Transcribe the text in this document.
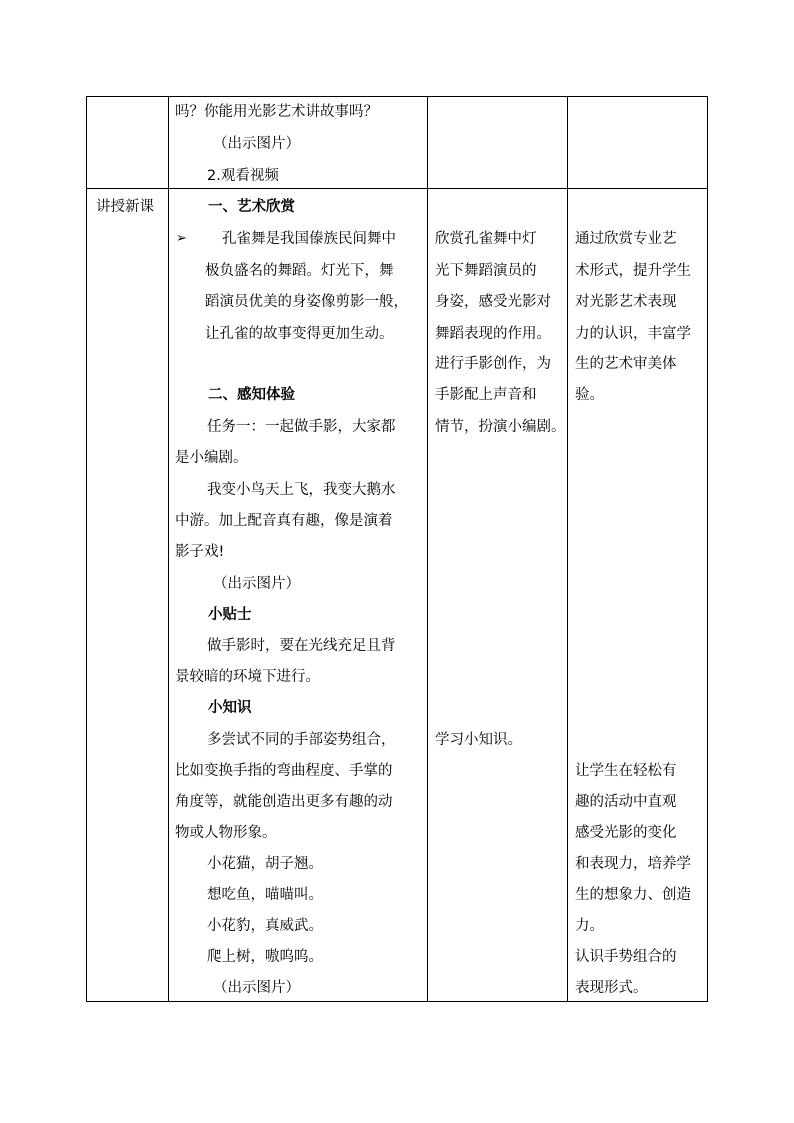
吗？你能用光影艺术讲故事吗？
（出示图片）
2.观看视频
讲授新课	一、艺术欣赏
➢ 孔雀舞是我国傣族民间舞中
极负盛名的舞蹈。灯光下，舞
蹈演员优美的身姿像剪影一般，
让孔雀的故事变得更加生动。
二、感知体验
任务一：一起做手影，大家都
是小编剧。
我变小鸟天上飞，我变大鹅水
中游。加上配音真有趣，像是演着
影子戏!
（出示图片）
小贴士
做手影时，要在光线充足且背
景较暗的环境下进行。
小知识
多尝试不同的手部姿势组合，
比如变换手指的弯曲程度、手掌的
角度等，就能创造出更多有趣的动
物或人物形象。
小花猫，胡子翘。
想吃鱼，喵喵叫。
小花豹，真威武。
爬上树，嗷呜呜。
（出示图片）
欣赏孔雀舞中灯
光下舞蹈演员的
身姿，感受光影对
舞蹈表现的作用。
进行手影创作，为
手影配上声音和
情节，扮演小编剧。
学习小知识。
通过欣赏专业艺
术形式，提升学生
对光影艺术表现
力的认识，丰富学
生的艺术审美体
验。
让学生在轻松有
趣的活动中直观
感受光影的变化
和表现力，培养学
生的想象力、创造
力。
认识手势组合的
表现形式。
